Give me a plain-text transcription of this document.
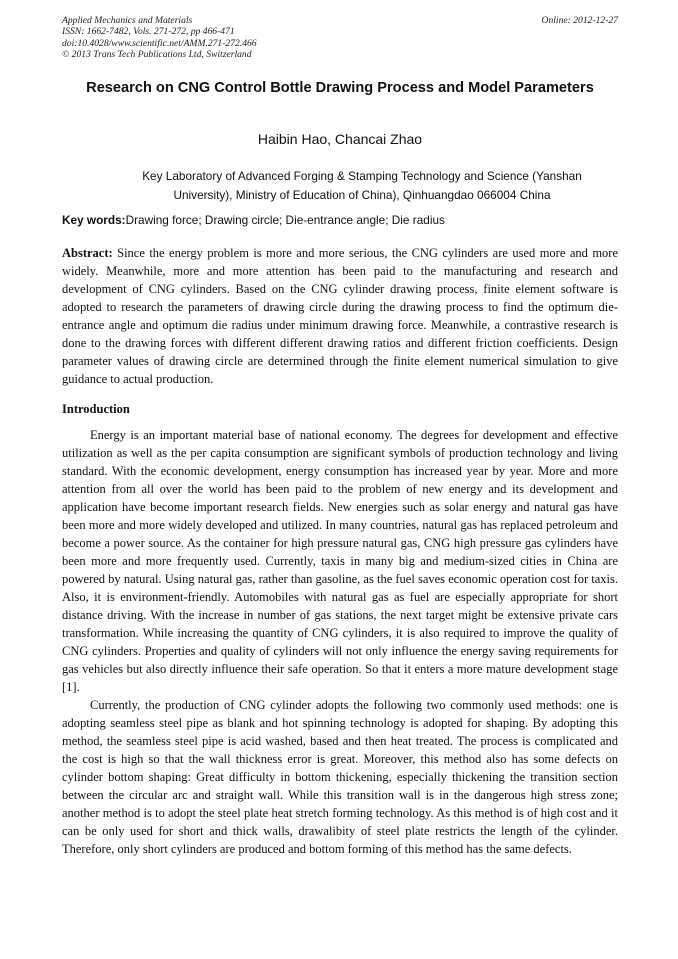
Applied Mechanics and Materials
ISSN: 1662-7482, Vols. 271-272, pp 466-471
doi:10.4028/www.scientific.net/AMM.271-272.466
© 2013 Trans Tech Publications Ltd, Switzerland
Online: 2012-12-27
Research on CNG Control Bottle Drawing Process and Model Parameters
Haibin Hao, Chancai Zhao
Key Laboratory of Advanced Forging & Stamping Technology and Science (Yanshan University), Ministry of Education of China), Qinhuangdao 066004 China
Key words:Drawing force; Drawing circle; Die-entrance angle; Die radius
Abstract: Since the energy problem is more and more serious, the CNG cylinders are used more and more widely. Meanwhile, more and more attention has been paid to the manufacturing and research and development of CNG cylinders. Based on the CNG cylinder drawing process, finite element software is adopted to research the parameters of drawing circle during the drawing process to find the optimum die-entrance angle and optimum die radius under minimum drawing force. Meanwhile, a contrastive research is done to the drawing forces with different different drawing ratios and different friction coefficients. Design parameter values of drawing circle are determined through the finite element numerical simulation to give guidance to actual production.
Introduction

Energy is an important material base of national economy. The degrees for development and effective utilization as well as the per capita consumption are significant symbols of production technology and living standard. With the economic development, energy consumption has increased year by year. More and more attention from all over the world has been paid to the problem of new energy and its development and application have become important research fields. New energies such as solar energy and natural gas have been more and more widely developed and utilized. In many countries, natural gas has replaced petroleum and become a power source. As the container for high pressure natural gas, CNG high pressure gas cylinders have been more and more frequently used. Currently, taxis in many big and medium-sized cities in China are powered by natural. Using natural gas, rather than gasoline, as the fuel saves economic operation cost for taxis. Also, it is environment-friendly. Automobiles with natural gas as fuel are especially appropriate for short distance driving. With the increase in number of gas stations, the next target might be extensive private cars transformation. While increasing the quantity of CNG cylinders, it is also required to improve the quality of CNG cylinders. Properties and quality of cylinders will not only influence the energy saving requirements for gas vehicles but also directly influence their safe operation. So that it enters a more mature development stage [1].

Currently, the production of CNG cylinder adopts the following two commonly used methods: one is adopting seamless steel pipe as blank and hot spinning technology is adopted for shaping. By adopting this method, the seamless steel pipe is acid washed, based and then heat treated. The process is complicated and the cost is high so that the wall thickness error is great. Moreover, this method also has some defects on cylinder bottom shaping: Great difficulty in bottom thickening, especially thickening the transition section between the circular arc and straight wall. While this transition wall is in the dangerous high stress zone; another method is to adopt the steel plate heat stretch forming technology. As this method is of high cost and it can be only used for short and thick walls, drawalibity of steel plate restricts the length of the cylinder. Therefore, only short cylinders are produced and bottom forming of this method has the same defects.
